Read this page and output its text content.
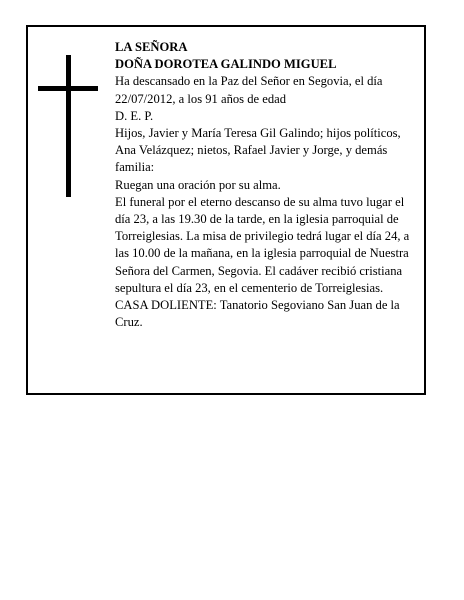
LA SEÑORA

DOÑA DOROTEA GALINDO MIGUEL

Ha descansado en la Paz del Señor en Segovia, el día 22/07/2012, a los 91 años de edad

D. E. P.

Hijos, Javier y María Teresa Gil Galindo; hijos políticos, Ana Velázquez; nietos, Rafael Javier y Jorge, y demás familia:

Ruegan una oración por su alma.

El funeral por el eterno descanso de su alma tuvo lugar el día 23, a las 19.30 de la tarde, en la iglesia parroquial de Torreiglesias. La misa de privilegio tedrá lugar el día 24, a las 10.00 de la mañana, en la iglesia parroquial de Nuestra Señora del Carmen, Segovia. El cadáver recibió cristiana sepultura el día 23, en el cementerio de Torreiglesias.

CASA DOLIENTE: Tanatorio Segoviano San Juan de la Cruz.
